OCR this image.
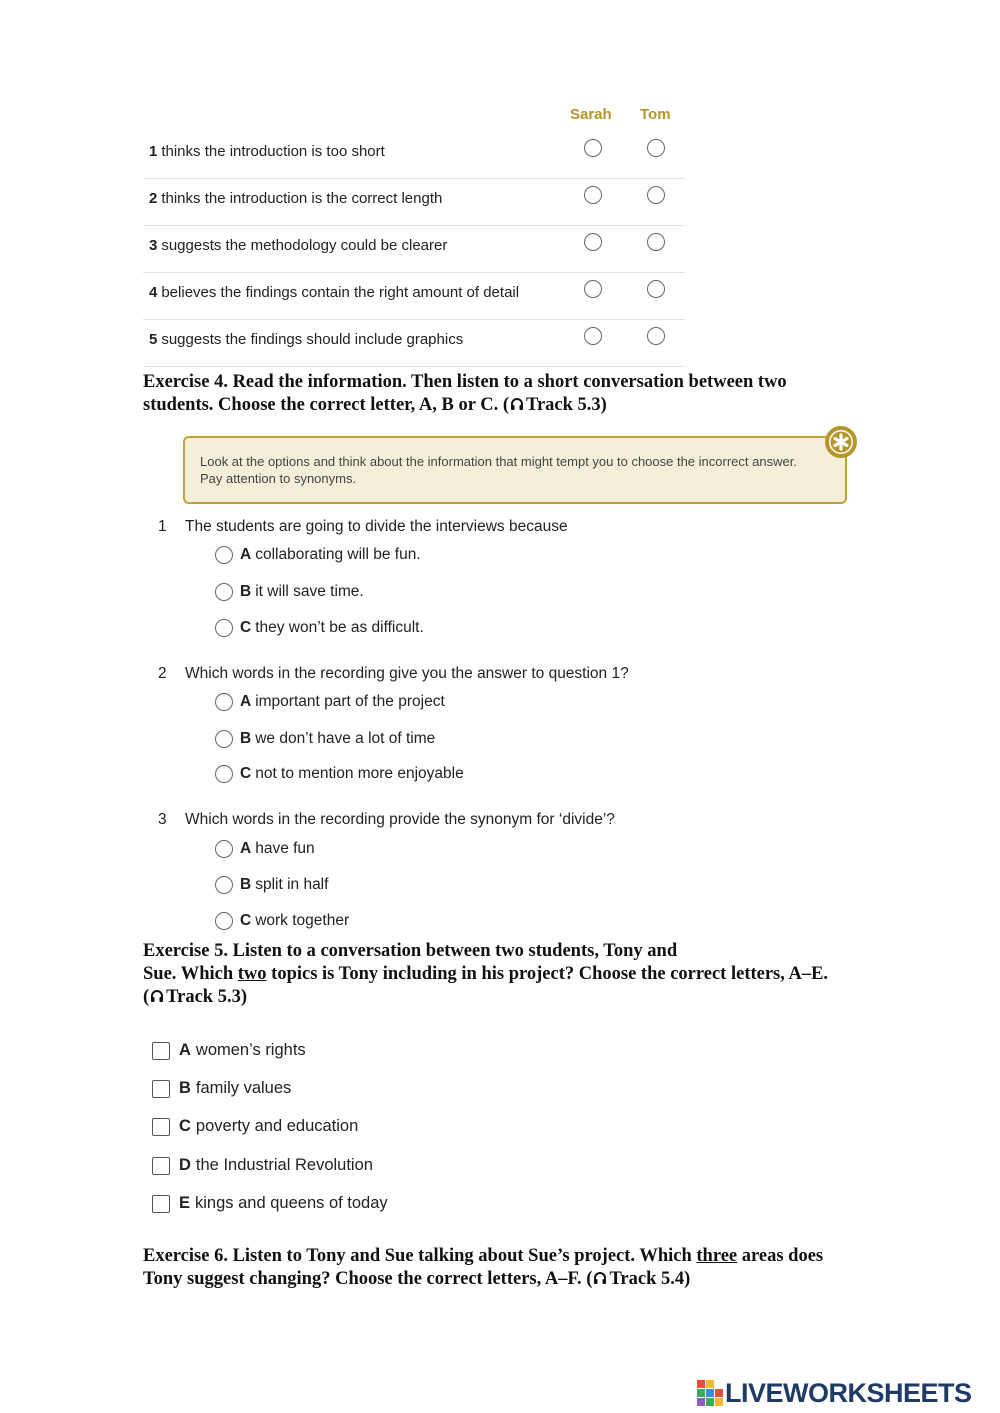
Sarah Tom
1 thinks the introduction is too short
2 thinks the introduction is the correct length
3 suggests the methodology could be clearer
4 believes the findings contain the right amount of detail
5 suggests the findings should include graphics
Exercise 4. Read the information. Then listen to a short conversation between two
students. Choose the correct letter, A, B or C. ( Track 5.3)
Look at the options and think about the information that might tempt you to choose the incorrect answer. Pay attention to synonyms.
1 The students are going to divide the interviews because
A collaborating will be fun.
B it will save time.
C they won’t be as difficult.
2 Which words in the recording give you the answer to question 1?
A important part of the project
B we don’t have a lot of time
C not to mention more enjoyable
3 Which words in the recording provide the synonym for ‘divide’?
A have fun
B split in half
C work together
Exercise 5. Listen to a conversation between two students, Tony and
Sue. Which two topics is Tony including in his project? Choose the correct letters, A–E.
( Track 5.3)
A women’s rights
B family values
C poverty and education
D the Industrial Revolution
E kings and queens of today
Exercise 6. Listen to Tony and Sue talking about Sue’s project. Which three areas does
Tony suggest changing? Choose the correct letters, A–F. ( Track 5.4)
LIVEWORKSHEETS
